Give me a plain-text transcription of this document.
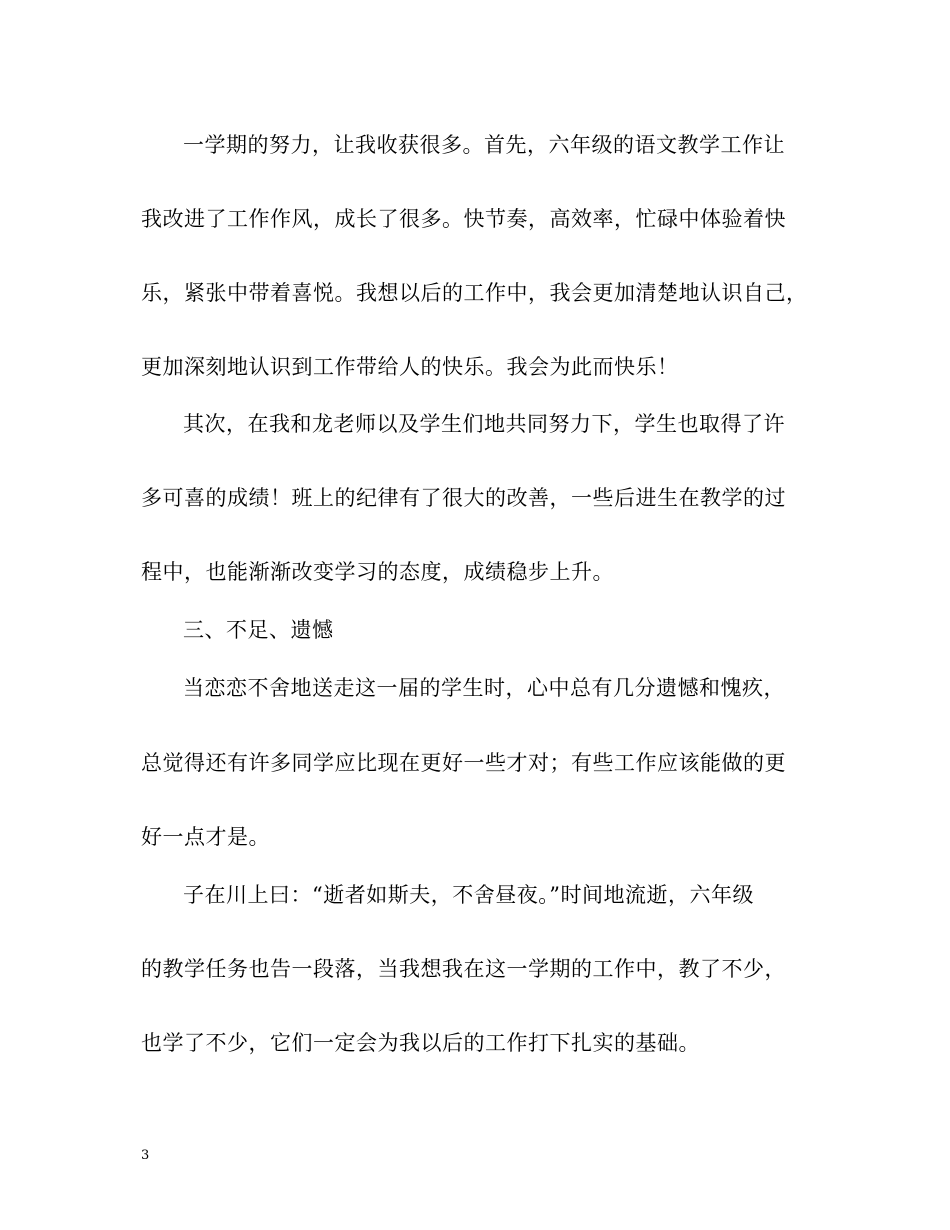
一学期的努力，让我收获很多。首先，六年级的语文教学工作让
我改进了工作作风，成长了很多。快节奏，高效率，忙碌中体验着快
乐，紧张中带着喜悦。我想以后的工作中，我会更加清楚地认识自己，
更加深刻地认识到工作带给人的快乐。我会为此而快乐！
其次，在我和龙老师以及学生们地共同努力下，学生也取得了许
多可喜的成绩！班上的纪律有了很大的改善，一些后进生在教学的过
程中，也能渐渐改变学习的态度，成绩稳步上升。
三、不足、遗憾
当恋恋不舍地送走这一届的学生时，心中总有几分遗憾和愧疚，
总觉得还有许多同学应比现在更好一些才对；有些工作应该能做的更
好一点才是。
子在川上曰：“逝者如斯夫，不舍昼夜。”时间地流逝，六年级
的教学任务也告一段落，当我想我在这一学期的工作中，教了不少，
也学了不少，它们一定会为我以后的工作打下扎实的基础。
3
